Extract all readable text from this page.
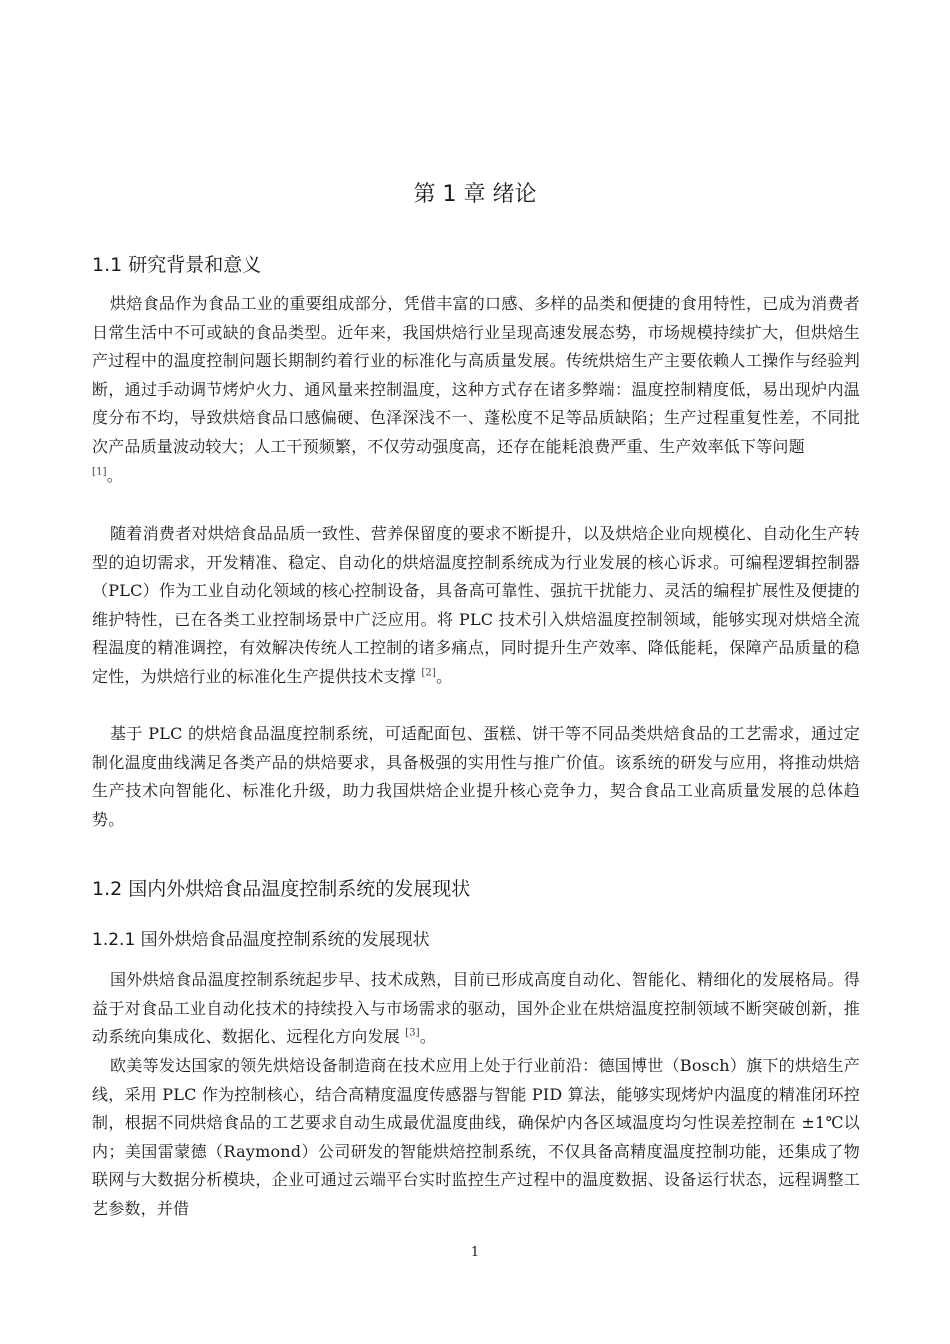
第 1 章 绪论
1.1 研究背景和意义

烘焙食品作为食品工业的重要组成部分，凭借丰富的口感、多样的品类和便捷的食用特性，已成为消费者日常生活中不可或缺的食品类型。近年来，我国烘焙行业呈现高速发展态势，市场规模持续扩大，但烘焙生产过程中的温度控制问题长期制约着行业的标准化与高质量发展。传统烘焙生产主要依赖人工操作与经验判断，通过手动调节烤炉火力、通风量来控制温度，这种方式存在诸多弊端：温度控制精度低，易出现炉内温度分布不均，导致烘焙食品口感偏硬、色泽深浅不一、蓬松度不足等品质缺陷；生产过程重复性差，不同批次产品质量波动较大；人工干预频繁，不仅劳动强度高，还存在能耗浪费严重、生产效率低下等问题
[1]。

随着消费者对烘焙食品品质一致性、营养保留度的要求不断提升，以及烘焙企业向规模化、自动化生产转型的迫切需求，开发精准、稳定、自动化的烘焙温度控制系统成为行业发展的核心诉求。可编程逻辑控制器（PLC）作为工业自动化领域的核心控制设备，具备高可靠性、强抗干扰能力、灵活的编程扩展性及便捷的维护特性，已在各类工业控制场景中广泛应用。将 PLC 技术引入烘焙温度控制领域，能够实现对烘焙全流程温度的精准调控，有效解决传统人工控制的诸多痛点，同时提升生产效率、降低能耗，保障产品质量的稳定性，为烘焙行业的标准化生产提供技术支撑 [2]。

基于 PLC 的烘焙食品温度控制系统，可适配面包、蛋糕、饼干等不同品类烘焙食品的工艺需求，通过定制化温度曲线满足各类产品的烘焙要求，具备极强的实用性与推广价值。该系统的研发与应用，将推动烘焙生产技术向智能化、标准化升级，助力我国烘焙企业提升核心竞争力，契合食品工业高质量发展的总体趋势。

1.2 国内外烘焙食品温度控制系统的发展现状
1.2.1 国外烘焙食品温度控制系统的发展现状

国外烘焙食品温度控制系统起步早、技术成熟，目前已形成高度自动化、智能化、精细化的发展格局。得益于对食品工业自动化技术的持续投入与市场需求的驱动，国外企业在烘焙温度控制领域不断突破创新，推动系统向集成化、数据化、远程化方向发展 [3]。

欧美等发达国家的领先烘焙设备制造商在技术应用上处于行业前沿：德国博世（Bosch）旗下的烘焙生产线，采用 PLC 作为控制核心，结合高精度温度传感器与智能 PID 算法，能够实现烤炉内温度的精准闭环控制，根据不同烘焙食品的工艺要求自动生成最优温度曲线，确保炉内各区域温度均匀性误差控制在 ±1℃以内；美国雷蒙德（Raymond）公司研发的智能烘焙控制系统，不仅具备高精度温度控制功能，还集成了物联网与大数据分析模块，企业可通过云端平台实时监控生产过程中的温度数据、设备运行状态，远程调整工艺参数，并借

1
